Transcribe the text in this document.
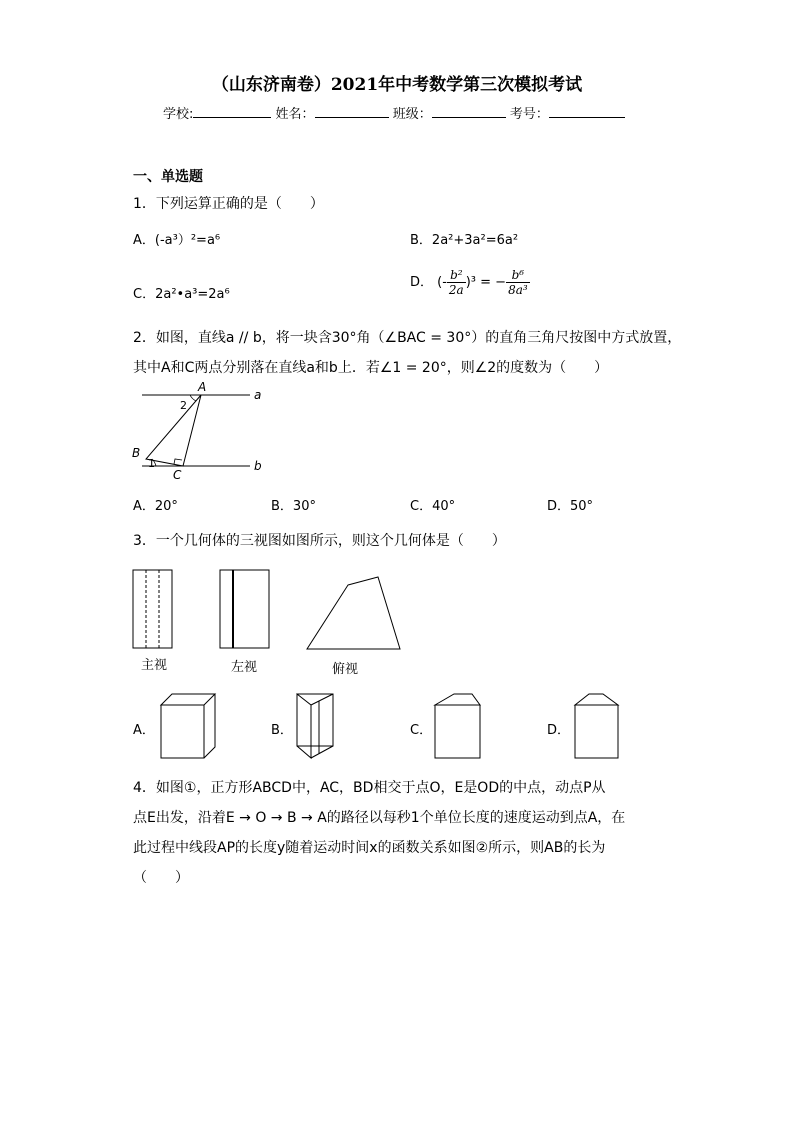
（山东济南卷）2021年中考数学第三次模拟考试
学校:	姓名：	班级：	考号：
一、单选题
1．下列运算正确的是（　　）
A．(-a³）²=a⁶	B．2a²+3a²=6a²
C．2a²•a³=2a⁶
D． (- $\frac{\text{b²}}{2a} )^3$ = − $\frac{\text{b⁶}}{\text{8a³}}$
2．如图，直线a // b，将一块含30°角（∠BAC = 30°）的直角三角尺按图中方式放置，
其中A和C两点分别落在直线a和b上．若∠1 = 20°，则∠2的度数为（　　）
A
B
C
a
b
2
1
A．20°	B．30°	C．40°	D．50°
3．一个几何体的三视图如图所示，则这个几何体是（　　）
主视	左视	俯视
A．	B．	C．	D．
4．如图①，正方形ABCD中，AC，BD相交于点O，E是OD的中点，动点P从
点E出发，沿着E → O → B → A的路径以每秒1个单位长度的速度运动到点A，在
此过程中线段AP的长度y随着运动时间x的函数关系如图②所示，则AB的长为
（　　）
